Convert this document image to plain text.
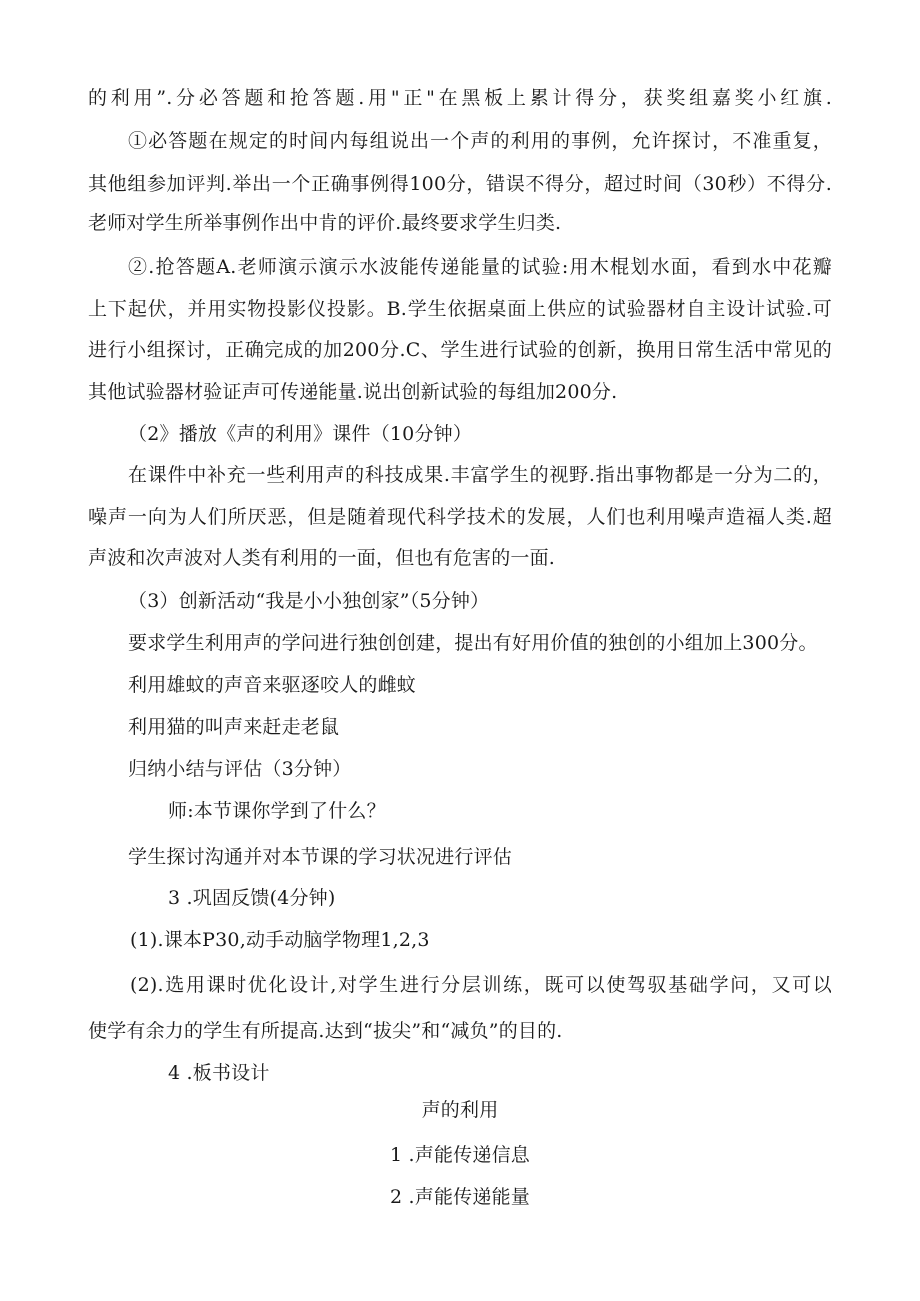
的利用”.分必答题和抢答题.用"正"在黑板上累计得分，获奖组嘉奖小红旗.
①必答题在规定的时间内每组说出一个声的利用的事例，允许探讨，不准重复，
其他组参加评判.举出一个正确事例得100分，错误不得分，超过时间（30秒）不得分.
老师对学生所举事例作出中肯的评价.最终要求学生归类.
②.抢答题A.老师演示演示水波能传递能量的试验:用木棍划水面，看到水中花瓣
上下起伏，并用实物投影仪投影。B.学生依据桌面上供应的试验器材自主设计试验.可
进行小组探讨，正确完成的加200分.C、学生进行试验的创新，换用日常生活中常见的
其他试验器材验证声可传递能量.说出创新试验的每组加200分.
（2》播放《声的利用》课件（10分钟）
在课件中补充一些利用声的科技成果.丰富学生的视野.指出事物都是一分为二的，
噪声一向为人们所厌恶，但是随着现代科学技术的发展，人们也利用噪声造福人类.超
声波和次声波对人类有利用的一面，但也有危害的一面.
（3）创新活动“我是小小独创家”（5分钟）
要求学生利用声的学问进行独创创建，提出有好用价值的独创的小组加上300分。
利用雄蚊的声音来驱逐咬人的雌蚊
利用猫的叫声来赶走老鼠
归纳小结与评估（3分钟）
师:本节课你学到了什么？
学生探讨沟通并对本节课的学习状况进行评估
3 .巩固反馈(4分钟)
(1).课本P30,动手动脑学物理1,2,3
(2).选用课时优化设计,对学生进行分层训练，既可以使驾驭基础学问，又可以
使学有余力的学生有所提高.达到“拔尖”和“减负”的目的.
4 .板书设计
声的利用
1 .声能传递信息
2 .声能传递能量
